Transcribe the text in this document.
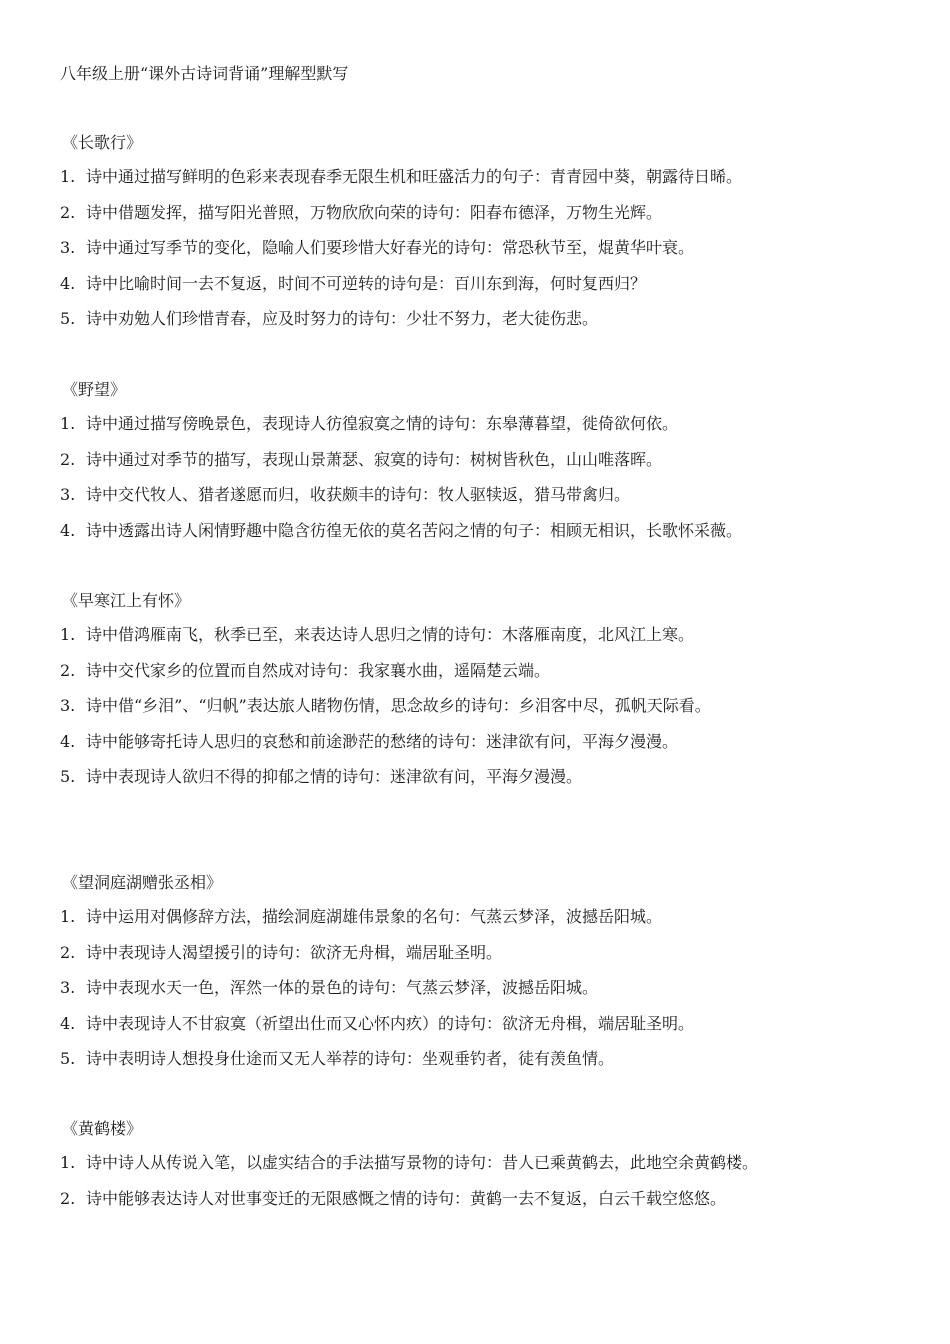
八年级上册“课外古诗词背诵”理解型默写
《长歌行》
1. 诗中通过描写鲜明的色彩来表现春季无限生机和旺盛活力的句子：青青园中葵，朝露待日晞。
2. 诗中借题发挥，描写阳光普照，万物欣欣向荣的诗句：阳春布德泽，万物生光辉。
3. 诗中通过写季节的变化，隐喻人们要珍惜大好春光的诗句：常恐秋节至，焜黄华叶衰。
4. 诗中比喻时间一去不复返，时间不可逆转的诗句是：百川东到海，何时复西归？
5. 诗中劝勉人们珍惜青春，应及时努力的诗句：少壮不努力，老大徒伤悲。
《野望》
1. 诗中通过描写傍晚景色，表现诗人彷徨寂寞之情的诗句：东皋薄暮望，徙倚欲何依。
2. 诗中通过对季节的描写，表现山景萧瑟、寂寞的诗句：树树皆秋色，山山唯落晖。
3. 诗中交代牧人、猎者遂愿而归，收获颇丰的诗句：牧人驱犊返，猎马带禽归。
4. 诗中透露出诗人闲情野趣中隐含彷徨无依的莫名苦闷之情的句子：相顾无相识，长歌怀采薇。
《早寒江上有怀》
1. 诗中借鸿雁南飞，秋季已至，来表达诗人思归之情的诗句：木落雁南度，北风江上寒。
2. 诗中交代家乡的位置而自然成对诗句：我家襄水曲，遥隔楚云端。
3. 诗中借“乡泪”、“归帆”表达旅人睹物伤情，思念故乡的诗句：乡泪客中尽，孤帆天际看。
4. 诗中能够寄托诗人思归的哀愁和前途渺茫的愁绪的诗句：迷津欲有问，平海夕漫漫。
5. 诗中表现诗人欲归不得的抑郁之情的诗句：迷津欲有问，平海夕漫漫。
《望洞庭湖赠张丞相》
1. 诗中运用对偶修辞方法，描绘洞庭湖雄伟景象的名句：气蒸云梦泽，波撼岳阳城。
2. 诗中表现诗人渴望援引的诗句：欲济无舟楫，端居耻圣明。
3. 诗中表现水天一色，浑然一体的景色的诗句：气蒸云梦泽，波撼岳阳城。
4. 诗中表现诗人不甘寂寞（祈望出仕而又心怀内疚）的诗句：欲济无舟楫，端居耻圣明。
5. 诗中表明诗人想投身仕途而又无人举荐的诗句：坐观垂钓者，徒有羡鱼情。
《黄鹤楼》
1. 诗中诗人从传说入笔，以虚实结合的手法描写景物的诗句：昔人已乘黄鹤去，此地空余黄鹤楼。
2. 诗中能够表达诗人对世事变迁的无限感慨之情的诗句：黄鹤一去不复返，白云千载空悠悠。
